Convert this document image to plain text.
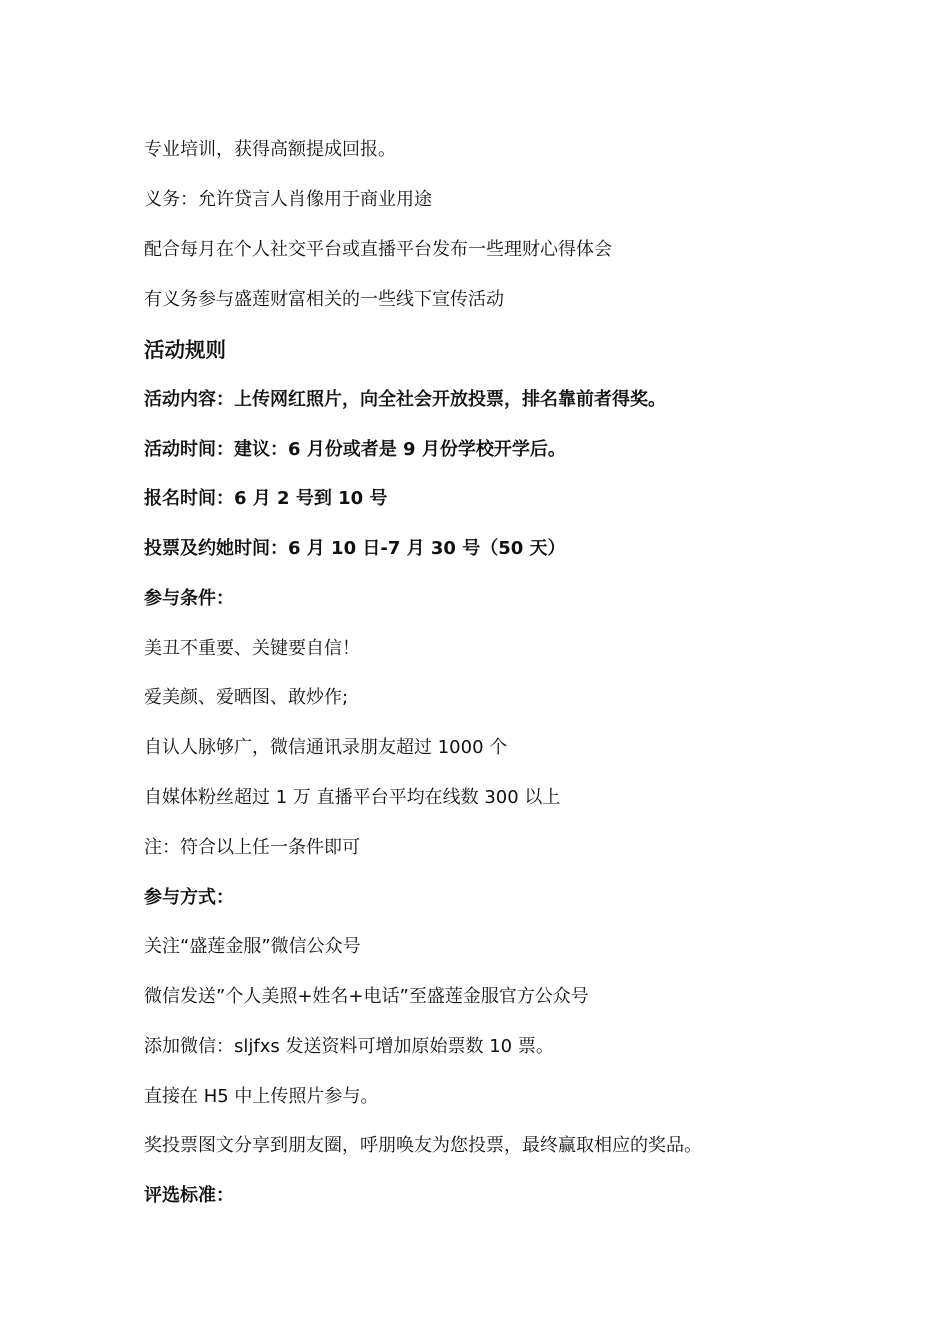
专业培训，获得高额提成回报。
义务：允许贷言人肖像用于商业用途
配合每月在个人社交平台或直播平台发布一些理财心得体会
有义务参与盛莲财富相关的一些线下宣传活动
活动规则
活动内容：上传网红照片，向全社会开放投票，排名靠前者得奖。
活动时间：建议：6 月份或者是 9 月份学校开学后。
报名时间：6 月 2 号到 10 号
投票及约她时间：6 月 10 日-7 月 30 号（50 天）
参与条件：
美丑不重要、关键要自信！
爱美颜、爱晒图、敢炒作;
自认人脉够广，微信通讯录朋友超过 1000 个
自媒体粉丝超过 1 万 直播平台平均在线数 300 以上
注：符合以上任一条件即可
参与方式：
关注“盛莲金服”微信公众号
微信发送”个人美照+姓名+电话”至盛莲金服官方公众号
添加微信：sljfxs 发送资料可增加原始票数 10 票。
直接在 H5 中上传照片参与。
奖投票图文分享到朋友圈，呼朋唤友为您投票，最终赢取相应的奖品。
评选标准：
